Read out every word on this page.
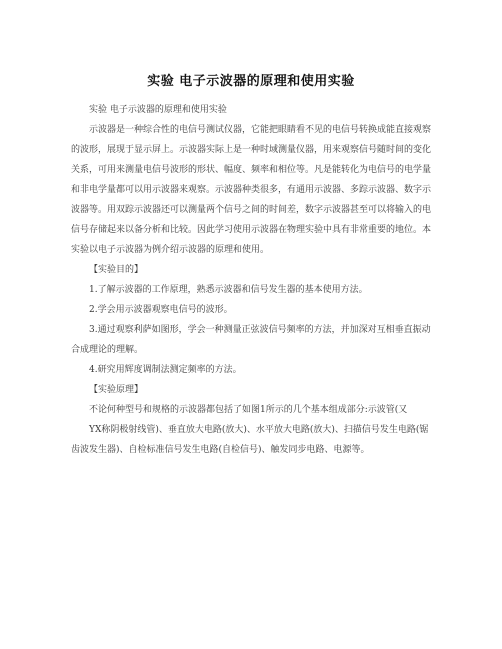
实验 电子示波器的原理和使用实验

实验 电子示波器的原理和使用实验

示波器是一种综合性的电信号测试仪器，它能把眼睛看不见的电信号转换成能直接观察的波形，展现于显示屏上。示波器实际上是一种时域测量仪器，用来观察信号随时间的变化关系，可用来测量电信号波形的形状、幅度、频率和相位等。凡是能转化为电信号的电学量和非电学量都可以用示波器来观察。示波器种类很多，有通用示波器、多踪示波器、数字示波器等。用双踪示波器还可以测量两个信号之间的时间差，数字示波器甚至可以将输入的电信号存储起来以备分析和比较。因此学习使用示波器在物理实验中具有非常重要的地位。本实验以电子示波器为例介绍示波器的原理和使用。

【实验目的】

1.了解示波器的工作原理，熟悉示波器和信号发生器的基本使用方法。

2.学会用示波器观察电信号的波形。

3.通过观察利萨如图形，学会一种测量正弦波信号频率的方法，并加深对互相垂直振动合成理论的理解。

4.研究用辉度调制法测定频率的方法。

【实验原理】

不论何种型号和规格的示波器都包括了如图1所示的几个基本组成部分:示波管(又

YX称阴极射线管)、垂直放大电路(放大)、水平放大电路(放大)、扫描信号发生电路(锯齿波发生器)、自检标准信号发生电路(自检信号)、触发同步电路、电源等。
